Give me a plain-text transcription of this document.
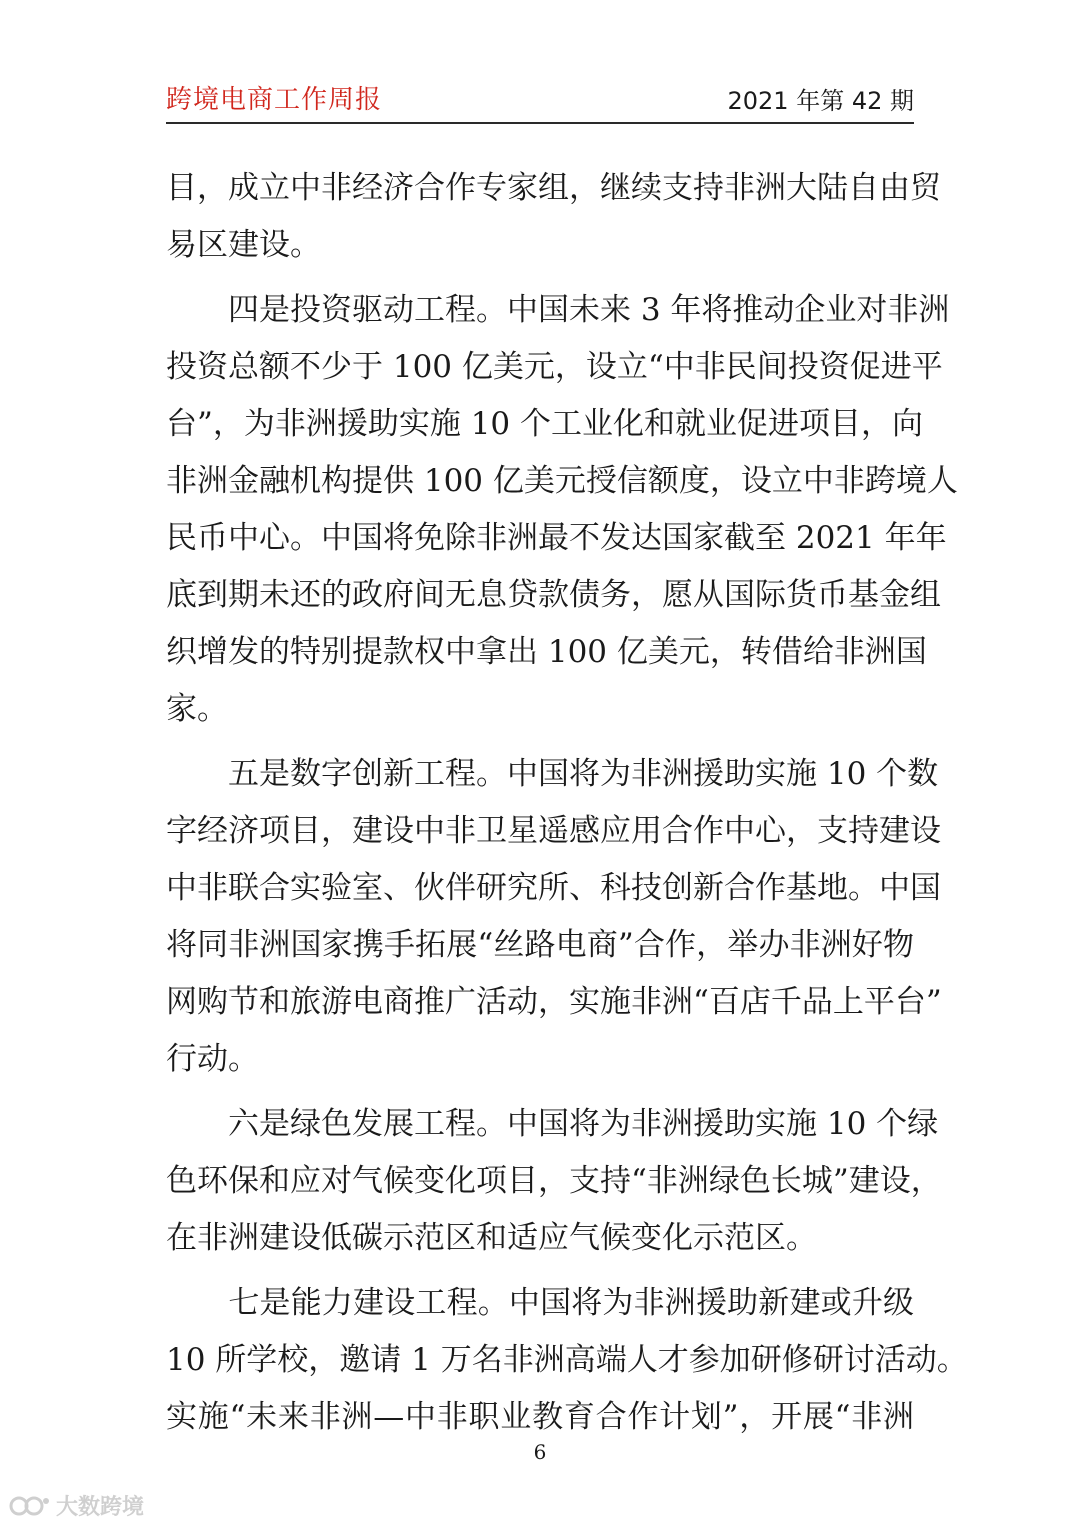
跨境电商工作周报	2021 年第 42 期
目，成立中非经济合作专家组，继续支持非洲大陆自由贸
易区建设。
　　四是投资驱动工程。中国未来 3 年将推动企业对非洲
投资总额不少于 100 亿美元，设立“中非民间投资促进平
台”，为非洲援助实施 10 个工业化和就业促进项目，向
非洲金融机构提供 100 亿美元授信额度，设立中非跨境人
民币中心。中国将免除非洲最不发达国家截至 2021 年年
底到期未还的政府间无息贷款债务，愿从国际货币基金组
织增发的特别提款权中拿出 100 亿美元，转借给非洲国
家。
　　五是数字创新工程。中国将为非洲援助实施 10 个数
字经济项目，建设中非卫星遥感应用合作中心，支持建设
中非联合实验室、伙伴研究所、科技创新合作基地。中国
将同非洲国家携手拓展“丝路电商”合作，举办非洲好物
网购节和旅游电商推广活动，实施非洲“百店千品上平台”
行动。
　　六是绿色发展工程。中国将为非洲援助实施 10 个绿
色环保和应对气候变化项目，支持“非洲绿色长城”建设，
在非洲建设低碳示范区和适应气候变化示范区。
　　七是能力建设工程。中国将为非洲援助新建或升级
10 所学校，邀请 1 万名非洲高端人才参加研修研讨活动。
实施“未来非洲—中非职业教育合作计划”，开展“非洲
6
大数跨境
